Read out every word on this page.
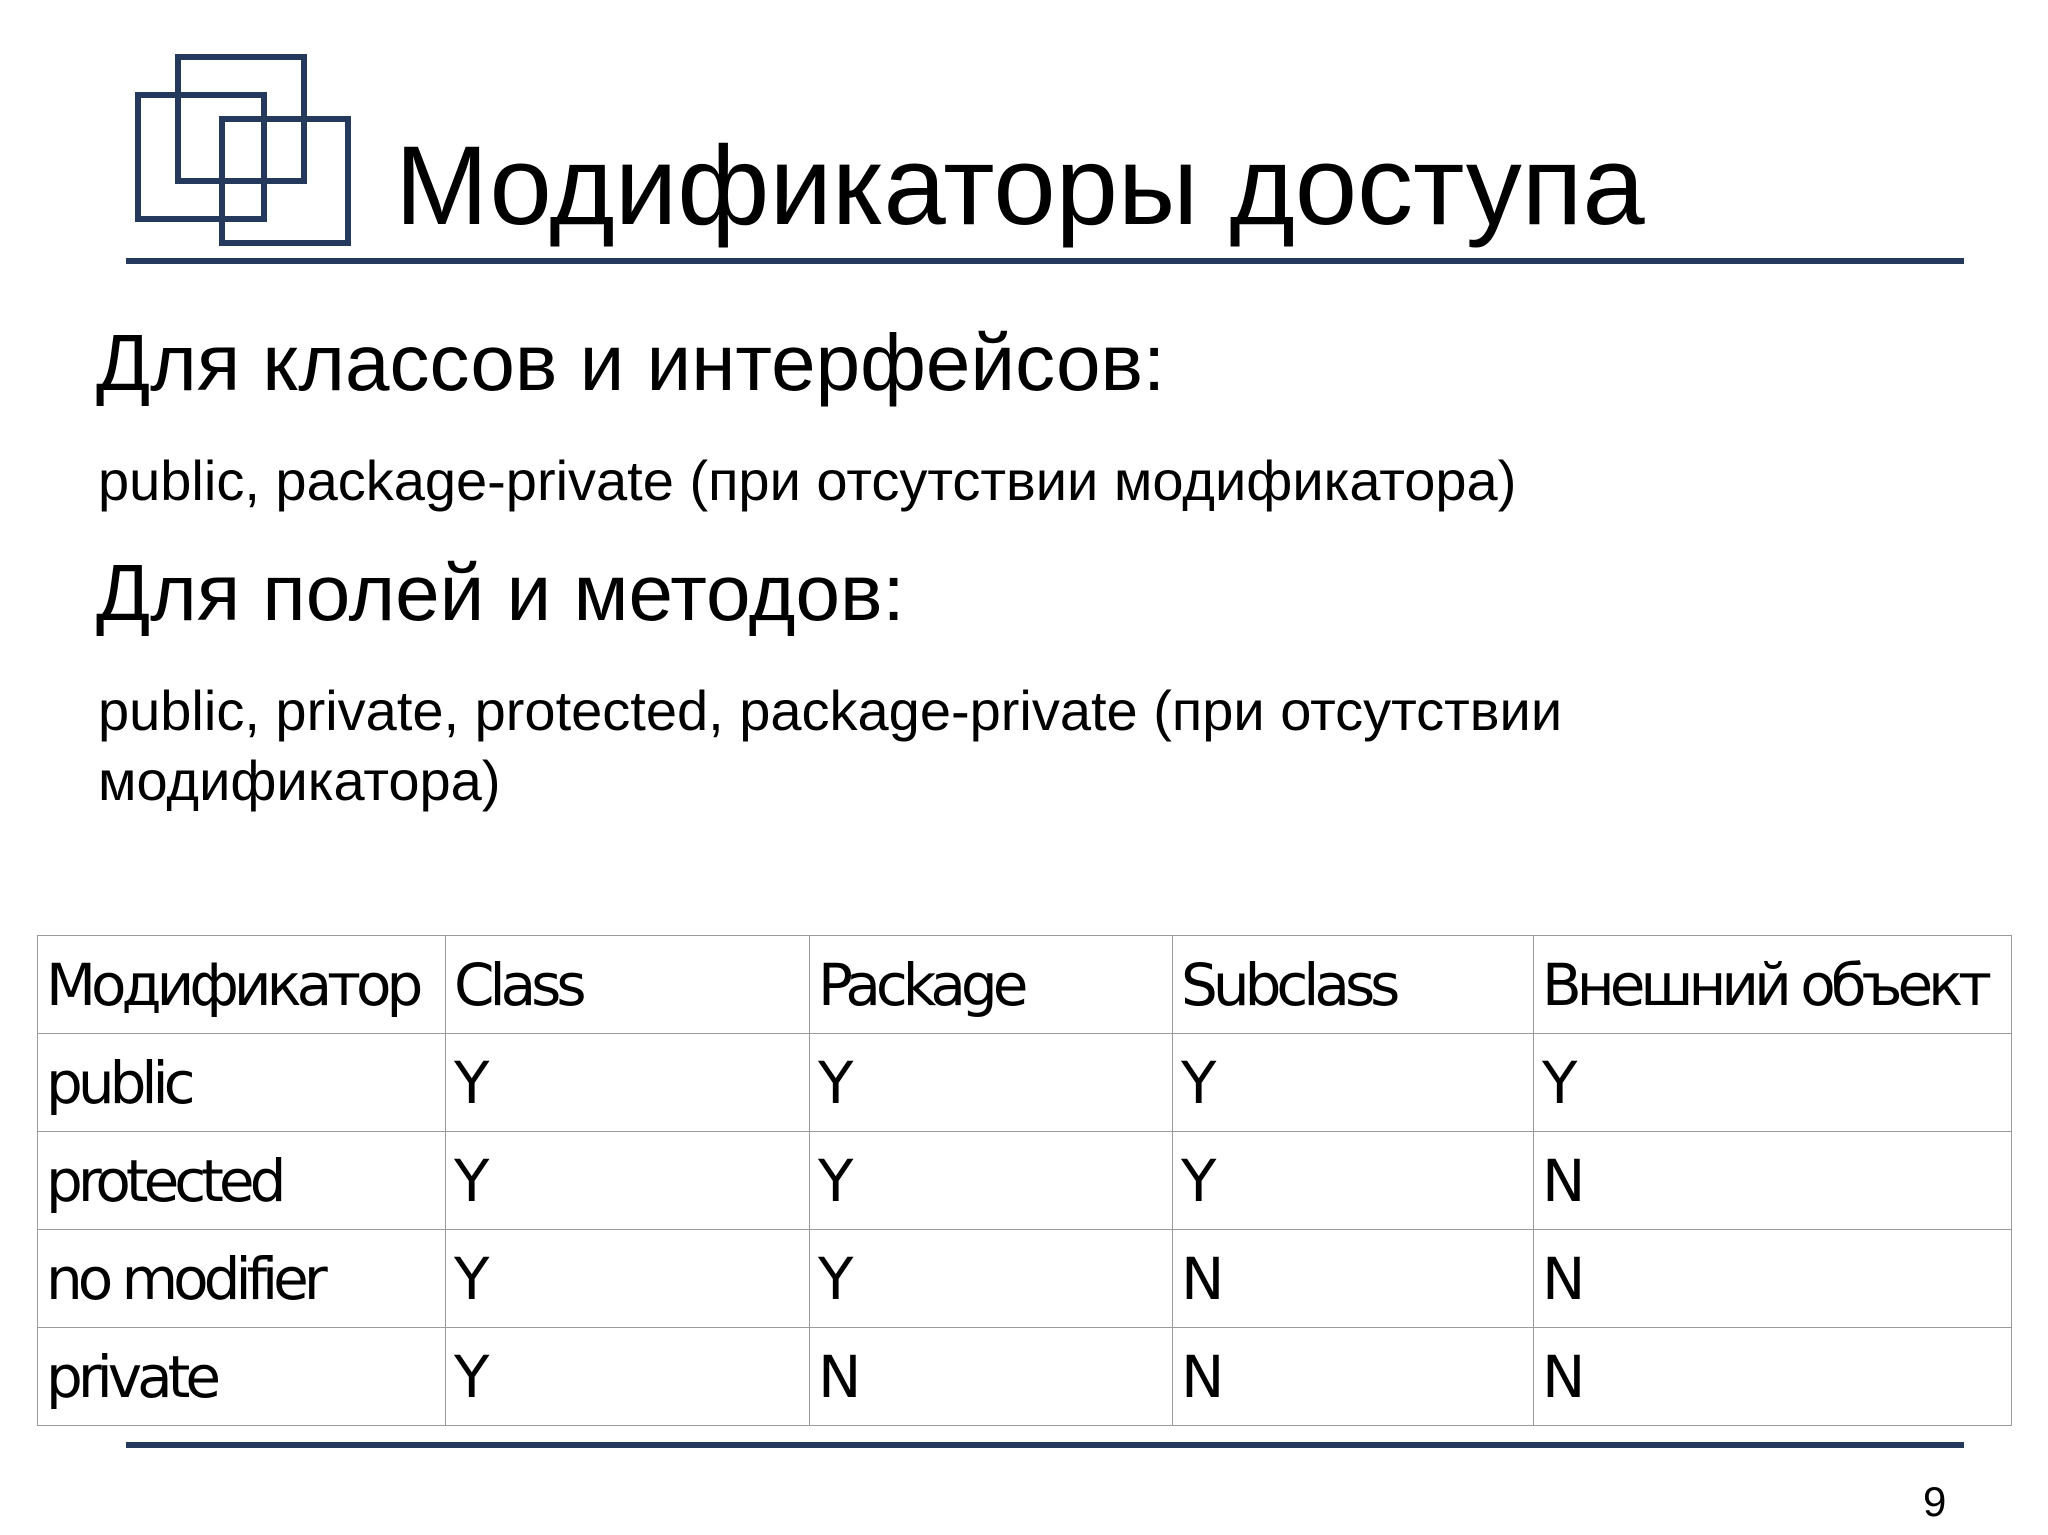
Модификаторы доступа
Для классов и интерфейсов:

public, package-private (при отсутствии модификатора)

Для полей и методов:

public, private, protected, package-private (при отсутствии модификатора)

Модификатор	Class	Package	Subclass	Внешний объект
public	Y	Y	Y	Y
protected	Y	Y	Y	N
no modifier	Y	Y	N	N
private	Y	N	N	N
9
